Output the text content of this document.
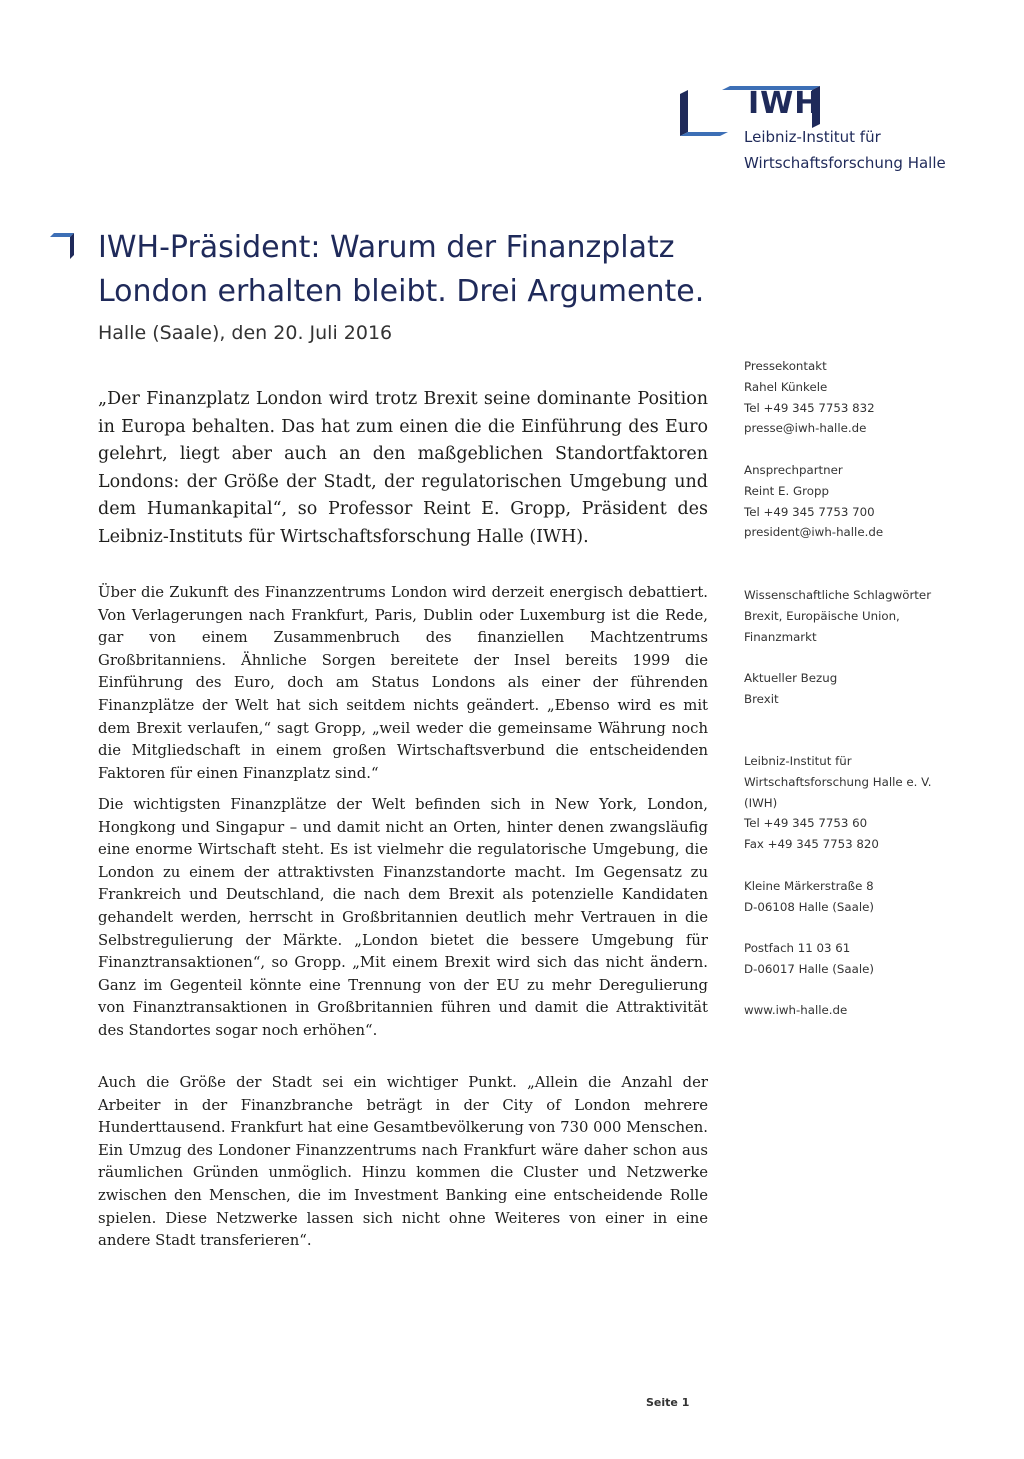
IWH
Leibniz-Institut für
Wirtschaftsforschung Halle
IWH-Präsident: Warum der Finanzplatz London erhalten bleibt. Drei Argumente.
Halle (Saale), den 20. Juli 2016
„Der Finanzplatz London wird trotz Brexit seine dominante Position in Europa behalten. Das hat zum einen die die Einführung des Euro gelehrt, liegt aber auch an den maßgeblichen Standortfaktoren Londons: der Größe der Stadt, der regulatorischen Umgebung und dem Humankapital“, so Professor Reint E. Gropp, Präsident des Leibniz-Instituts für Wirtschaftsforschung Halle (IWH).
Über die Zukunft des Finanzzentrums London wird derzeit energisch debattiert. Von Verlagerungen nach Frankfurt, Paris, Dublin oder Luxemburg ist die Rede, gar von einem Zusammenbruch des finanziellen Machtzentrums Großbritanniens. Ähnliche Sorgen bereitete der Insel bereits 1999 die Einführung des Euro, doch am Status Londons als einer der führenden Finanzplätze der Welt hat sich seitdem nichts geändert. „Ebenso wird es mit dem Brexit verlaufen,“ sagt Gropp, „weil weder die gemeinsame Währung noch die Mitgliedschaft in einem großen Wirtschaftsverbund die entscheidenden Faktoren für einen Finanzplatz sind.“
Die wichtigsten Finanzplätze der Welt befinden sich in New York, London, Hongkong und Singapur – und damit nicht an Orten, hinter denen zwangsläufig eine enorme Wirtschaft steht. Es ist vielmehr die regulatorische Umgebung, die London zu einem der attraktivsten Finanzstandorte macht. Im Gegensatz zu Frankreich und Deutschland, die nach dem Brexit als potenzielle Kandidaten gehandelt werden, herrscht in Großbritannien deutlich mehr Vertrauen in die Selbstregulierung der Märkte. „London bietet die bessere Umgebung für Finanztransaktionen“, so Gropp. „Mit einem Brexit wird sich das nicht ändern. Ganz im Gegenteil könnte eine Trennung von der EU zu mehr Deregulierung von Finanztransaktionen in Großbritannien führen und damit die Attraktivität des Standortes sogar noch erhöhen“.
Auch die Größe der Stadt sei ein wichtiger Punkt. „Allein die Anzahl der Arbeiter in der Finanzbranche beträgt in der City of London mehrere Hunderttausend. Frankfurt hat eine Gesamtbevölkerung von 730 000 Menschen. Ein Umzug des Londoner Finanzzentrums nach Frankfurt wäre daher schon aus räumlichen Gründen unmöglich. Hinzu kommen die Cluster und Netzwerke zwischen den Menschen, die im Investment Banking eine entscheidende Rolle spielen. Diese Netzwerke lassen sich nicht ohne Weiteres von einer in eine andere Stadt transferieren“.
Pressekontakt
Rahel Künkele
Tel +49 345 7753 832
presse@iwh-halle.de
Ansprechpartner
Reint E. Gropp
Tel +49 345 7753 700
president@iwh-halle.de
Wissenschaftliche Schlagwörter
Brexit, Europäische Union,
Finanzmarkt
Aktueller Bezug
Brexit
Leibniz-Institut für
Wirtschaftsforschung Halle e. V.
(IWH)
Tel +49 345 7753 60
Fax +49 345 7753 820
Kleine Märkerstraße 8
D-06108 Halle (Saale)
Postfach 11 03 61
D-06017 Halle (Saale)
www.iwh-halle.de
Seite 1
